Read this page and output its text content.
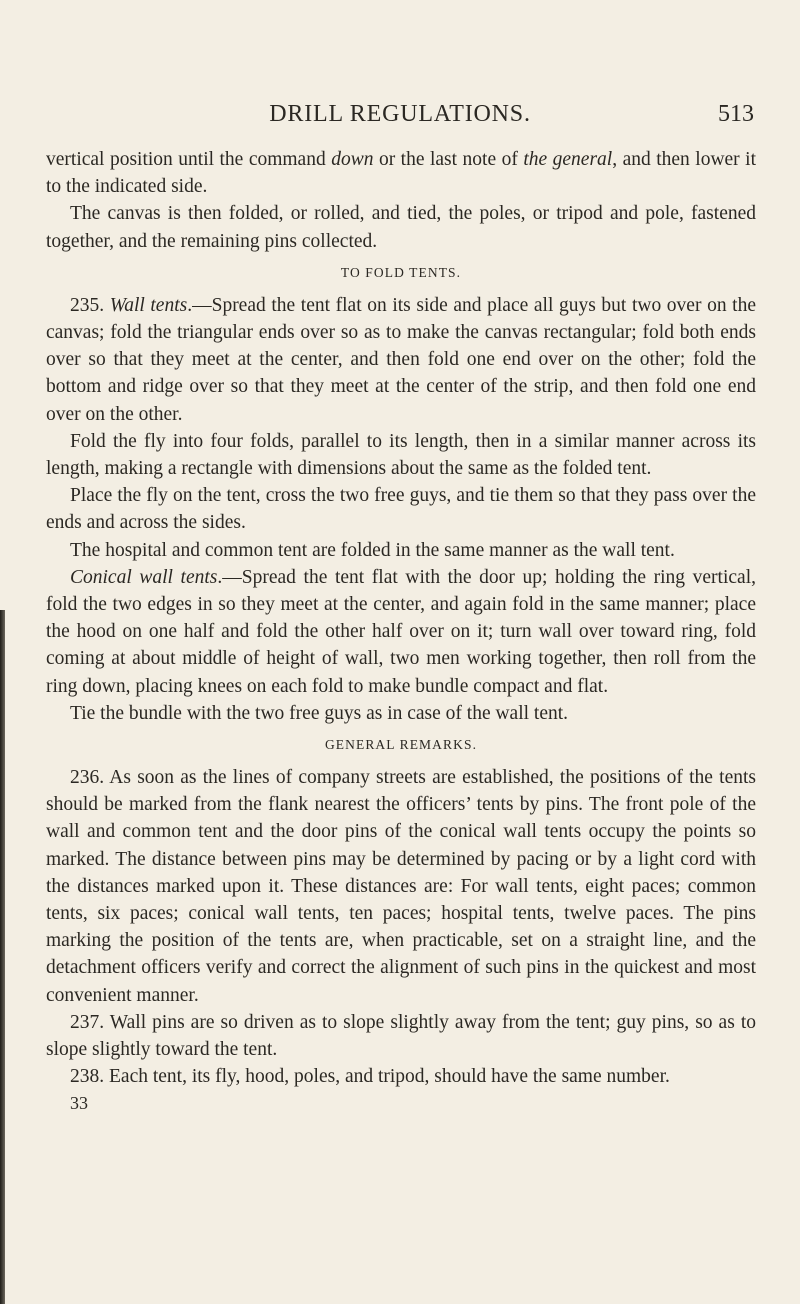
DRILL REGULATIONS.	513

vertical position until the command down or the last note of the general, and then lower it to the indicated side.

The canvas is then folded, or rolled, and tied, the poles, or tripod and pole, fastened together, and the remaining pins collected.

TO FOLD TENTS.

235. Wall tents.—Spread the tent flat on its side and place all guys but two over on the canvas; fold the triangular ends over so as to make the canvas rectangular; fold both ends over so that they meet at the center, and then fold one end over on the other; fold the bottom and ridge over so that they meet at the center of the strip, and then fold one end over on the other.

Fold the fly into four folds, parallel to its length, then in a similar manner across its length, making a rectangle with dimensions about the same as the folded tent.

Place the fly on the tent, cross the two free guys, and tie them so that they pass over the ends and across the sides.

The hospital and common tent are folded in the same manner as the wall tent.

Conical wall tents.—Spread the tent flat with the door up; holding the ring vertical, fold the two edges in so they meet at the center, and again fold in the same manner; place the hood on one half and fold the other half over on it; turn wall over toward ring, fold coming at about middle of height of wall, two men working together, then roll from the ring down, placing knees on each fold to make bundle compact and flat.

Tie the bundle with the two free guys as in case of the wall tent.

GENERAL REMARKS.

236. As soon as the lines of company streets are established, the positions of the tents should be marked from the flank nearest the officers’ tents by pins. The front pole of the wall and common tent and the door pins of the conical wall tents occupy the points so marked. The distance between pins may be determined by pacing or by a light cord with the distances marked upon it. These distances are: For wall tents, eight paces; common tents, six paces; conical wall tents, ten paces; hospital tents, twelve paces. The pins marking the position of the tents are, when practicable, set on a straight line, and the detachment officers verify and correct the alignment of such pins in the quickest and most convenient manner.

237. Wall pins are so driven as to slope slightly away from the tent; guy pins, so as to slope slightly toward the tent.

238. Each tent, its fly, hood, poles, and tripod, should have the same number.

33
